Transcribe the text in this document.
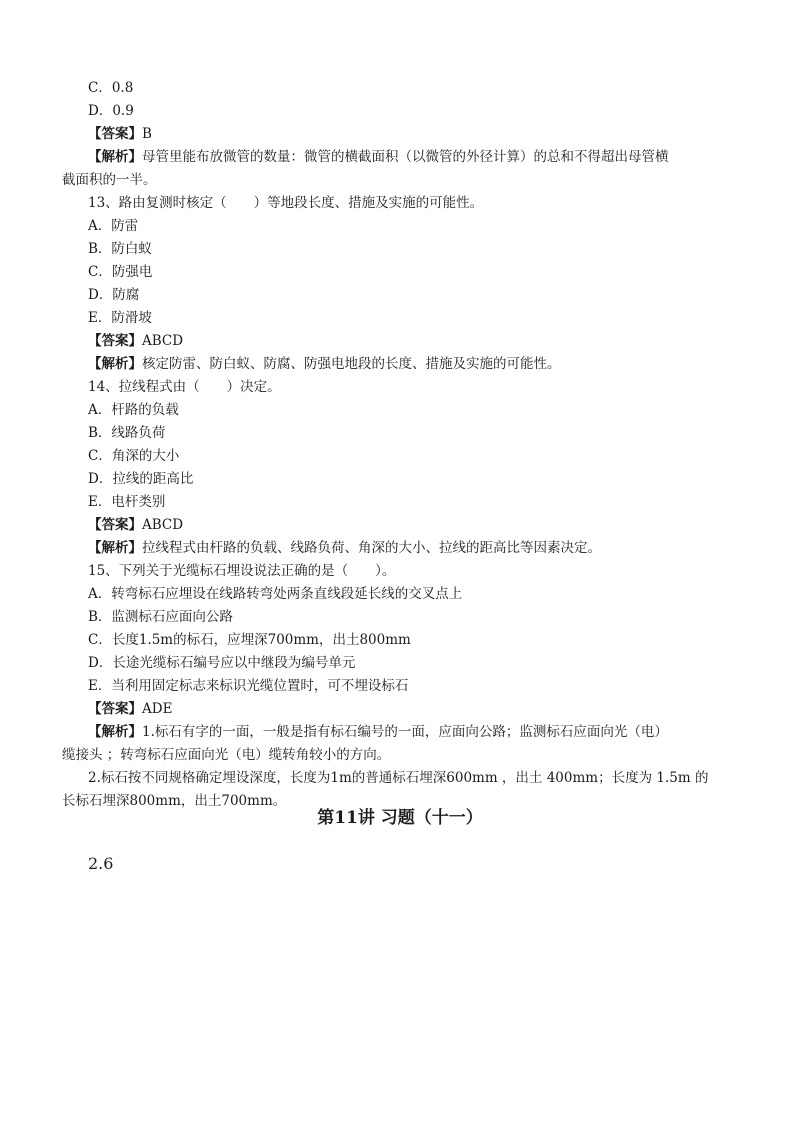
C．0.8
D．0.9
【答案】B
【解析】母管里能布放微管的数量：微管的横截面积（以微管的外径计算）的总和不得超出母管横
截面积的一半。
13、路由复测时核定（　　）等地段长度、措施及实施的可能性。
A．防雷
B．防白蚁
C．防强电
D．防腐
E．防滑坡
【答案】ABCD
【解析】核定防雷、防白蚁、防腐、防强电地段的长度、措施及实施的可能性。
14、拉线程式由（　　）决定。
A．杆路的负载
B．线路负荷
C．角深的大小
D．拉线的距高比
E．电杆类别
【答案】ABCD
【解析】拉线程式由杆路的负载、线路负荷、角深的大小、拉线的距高比等因素决定。
15、下列关于光缆标石埋设说法正确的是（　　）。
A．转弯标石应埋设在线路转弯处两条直线段延长线的交叉点上
B．监测标石应面向公路
C．长度1.5m的标石，应埋深700mm，出土800mm
D．长途光缆标石编号应以中继段为编号单元
E．当利用固定标志来标识光缆位置时，可不埋设标石
【答案】ADE
【解析】1.标石有字的一面，一般是指有标石编号的一面，应面向公路；监测标石应面向光（电）
缆接头 ；转弯标石应面向光（电）缆转角较小的方向。
2.标石按不同规格确定埋设深度，长度为1m的普通标石埋深600mm ，出土 400mm；长度为 1.5m 的
长标石埋深800mm，出土700mm。
第11讲 习题（十一）
2.6
